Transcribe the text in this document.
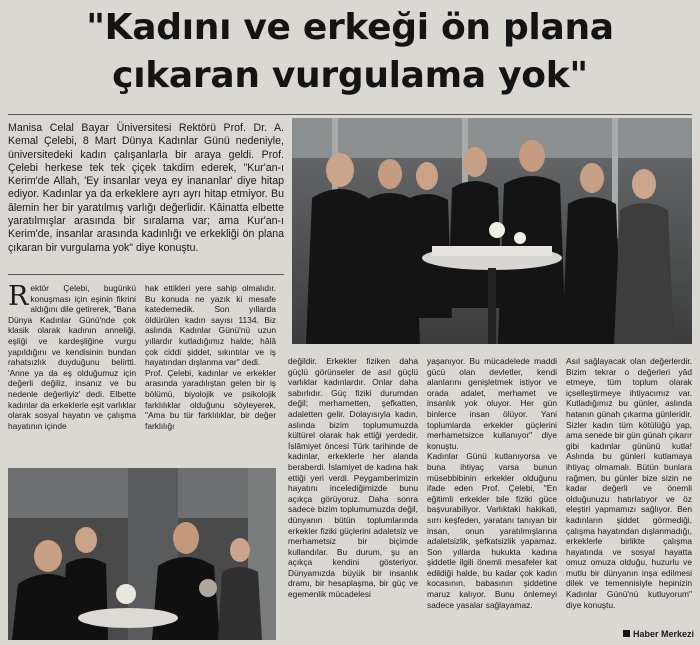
"Kadını ve erkeği ön plana
çıkaran vurgulama yok"
Manisa Celal Bayar Üniversitesi Rektörü Prof. Dr. A. Kemal Çelebi, 8 Mart Dünya Kadınlar Günü nedeniyle, üniversitedeki kadın çalışanlarla bir araya geldi. Prof. Çelebi herkese tek tek çiçek takdim ederek, "Kur'an-ı Kerim'de Allah, 'Ey insanlar veya ey inananlar' diye hitap ediyor. Kadınlar ya da erkeklere ayrı ayrı hitap etmiyor. Bu âlemin her bir yaratılmış varlığı değerlidir. Kâinatta elbette yaratılmışlar arasında bir sıralama var; ama Kur'an-ı Kerim'de, insanlar arasında kadınlığı ve erkekliği ön plana çıkaran bir vurgulama yok" diye konuştu.
R ektör Çelebi, bugünkü konuşması için eşinin fikrini aldığını dile getirerek, "Bana Dünya Kadınlar Günü'nde çok klasik olarak kadının anneliği, eşliği ve kardeşliğine vurgu yapıldığını ve kendisinin bundan rahatsızlık duyduğunu belirtti. 'Anne ya da eş olduğumuz için değerli değiliz, insanız ve bu nedenle değerliyiz' dedi. Elbette kadınlar da erkeklerle eşit varlıklar olarak sosyal hayatın ve çalışma hayatının içinde
hak ettikleri yere sahip olmalıdır. Bu konuda ne yazık ki mesafe katedemedik. Son yıllarda öldürülen kadın sayısı 1134. Biz aslında Kadınlar Günü'nü uzun yıllardır kutladığımız halde; hâlâ çok ciddi şiddet, sıkıntılar ve iş hayatından dışlanma var" dedi.
Prof. Çelebi, kadınlar ve erkekler arasında yaradılıştan gelen bir iş bölümü, biyolojik ve psikolojik farklılıklar olduğunu söyleyerek, "Ama bu tür farklılıklar, bir değer farklılığı
değildir. Erkekler fiziken daha güçlü görünseler de asıl güçlü varlıklar kadınlardır. Onlar daha sabırlıdır. Güç fiziki durumdan değil; merhametten, şefkatten, adaletten gelir. Dolayısıyla kadın, aslında bizim toplumumuzda kültürel olarak hak ettiği yerdedir. İslâmiyet öncesi Türk tarihinde de kadınlar, erkeklerle her alanda beraberdi. İslamiyet de kadına hak ettiği yeri verdi. Peygamberimizin hayatını incelediğimizde bunu açıkça görüyoruz. Daha sonra sadece bizim toplumumuzda değil, dünyanın bütün toplumlarında erkekler fiziki güçlerini adaletsiz ve merhametsiz bir biçimde kullandılar. Bu durum, şu an açıkça kendini gösteriyor. Dünyamızda büyük bir insanlık dramı, bir hesaplaşma, bir güç ve egemenlik mücadelesi
yaşanıyor. Bu mücadelede maddi gücü olan devletler, kendi alanlarını genişletmek istiyor ve orada adalet, merhamet ve insanlık yok oluyor. Her gün binlerce insan ölüyor. Yani toplumlarda erkekler güçlerini merhametsizce kullanıyor" diye konuştu.
Kadınlar Günü kutlanıyorsa ve buna ihtiyaç varsa bunun müsebbibinin erkekler olduğunu ifade eden Prof. Çelebi, "En eğitimli erkekler bile fiziki güce başvurabiliyor. Varlıktaki hakikati, sırrı keşfeden, yaratanı tanıyan bir insan, onun yaratılmışlarına adaletsizlik, şefkatsizlik yapamaz. Son yıllarda hukukta kadına şiddetle ilgili önemli mesafeler kat edildiği halde, bu kadar çok kadın kocasının, babasının şiddetine maruz kalıyor. Bunu önlemeyi sadece yasalar sağlayamaz.
Asıl sağlayacak olan değerlerdir. Bizim tekrar o değerleri yâd etmeye, tüm toplum olarak içselleştirmeye ihtiyacımız var. Kutladığımız bu günler, aslında hatanın günah çıkarma günleridir. Sizler kadın tüm kötülüğü yap, ama senede bir gün günah çıkarır gibi kadınlar gününü kutla! Aslında bu günleri kutlamaya ihtiyaç olmamalı. Bütün bunlara rağmen, bu günler bize sizin ne kadar değerli ve önemli olduğunuzu hatırlatıyor ve öz eleştiri yapmamızı sağlıyor. Ben kadınların şiddet görmediği, çalışma hayatından dışlanmadığı, erkeklerle birlikte çalışma hayatında ve sosyal hayatta omuz omuza olduğu, huzurlu ve mutlu bir dünyanın inşa edilmesi dilek ve temennisiyle hepinizin Kadınlar Günü'nü kutluyorum" diye konuştu.
Haber Merkezi
